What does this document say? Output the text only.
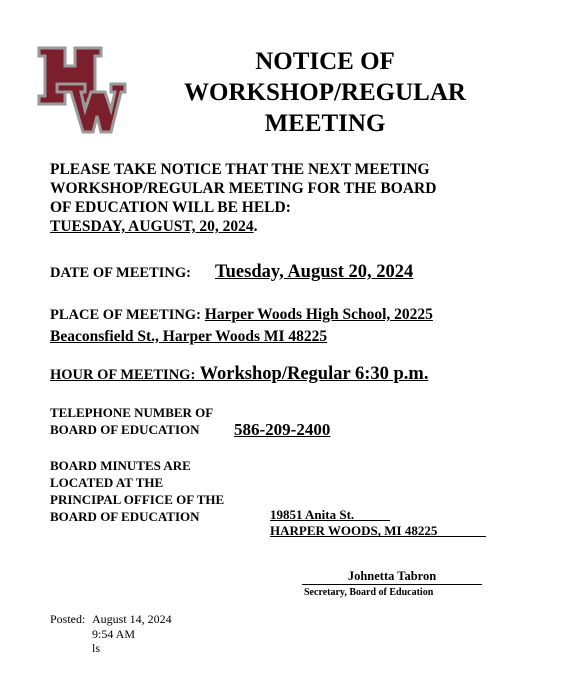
NOTICE OF
WORKSHOP/REGULAR
MEETING
PLEASE TAKE NOTICE THAT THE NEXT MEETING
WORKSHOP/REGULAR MEETING FOR THE BOARD
OF EDUCATION WILL BE HELD:
TUESDAY, AUGUST, 20, 2024.
DATE OF MEETING: Tuesday, August 20, 2024
PLACE OF MEETING: Harper Woods High School, 20225
Beaconsfield St., Harper Woods MI 48225
HOUR OF MEETING: Workshop/Regular 6:30 p.m.
TELEPHONE NUMBER OF
BOARD OF EDUCATION	586-209-2400
BOARD MINUTES ARE
LOCATED AT THE
PRINCIPAL OFFICE OF THE
BOARD OF EDUCATION	19851 Anita St.
HARPER WOODS, MI 48225
Johnetta Tabron
Secretary, Board of Education
Posted: August 14, 2024
9:54 AM
ls
